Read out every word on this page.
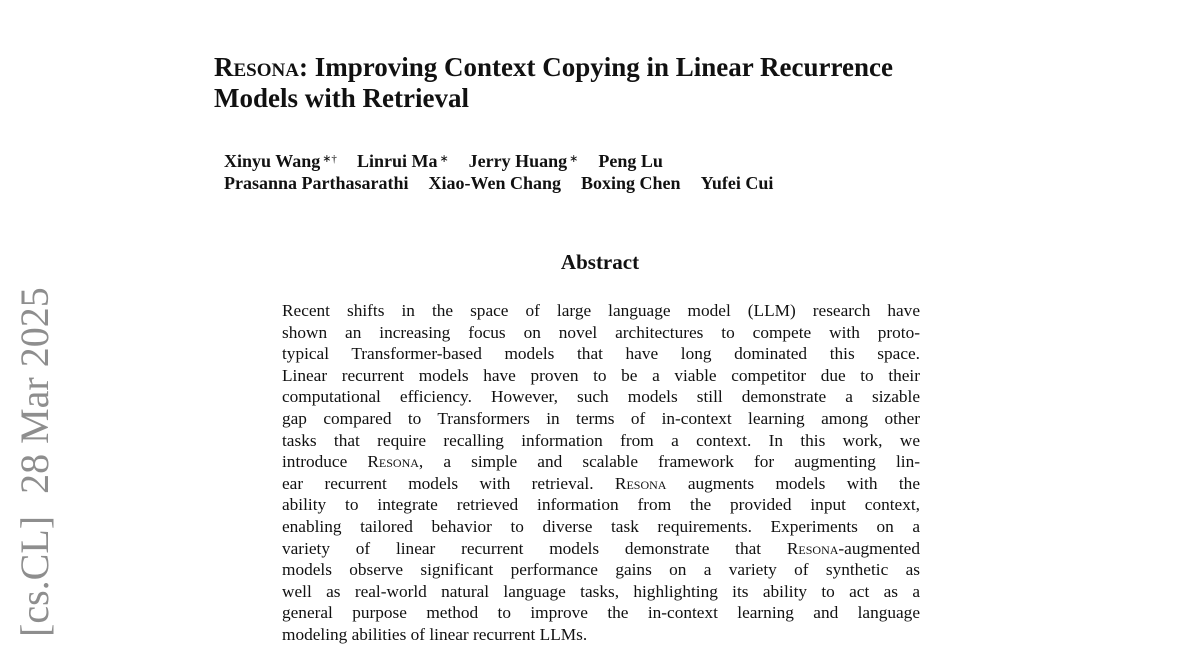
[cs.CL]28 Mar 2025
Resona: Improving Context Copying in Linear Recurrence
Models with Retrieval
Xinyu Wang ∗† Linrui Ma ∗ Jerry Huang ∗ Peng Lu
Prasanna Parthasarathi Xiao-Wen Chang Boxing Chen Yufei Cui
Abstract
Recent shifts in the space of large language model (LLM) research have
shown an increasing focus on novel architectures to compete with proto-
typical Transformer-based models that have long dominated this space.
Linear recurrent models have proven to be a viable competitor due to their
computational efficiency. However, such models still demonstrate a sizable
gap compared to Transformers in terms of in-context learning among other
tasks that require recalling information from a context. In this work, we
introduce Resona, a simple and scalable framework for augmenting lin-
ear recurrent models with retrieval. Resona augments models with the
ability to integrate retrieved information from the provided input context,
enabling tailored behavior to diverse task requirements. Experiments on a
variety of linear recurrent models demonstrate that Resona-augmented
models observe significant performance gains on a variety of synthetic as
well as real-world natural language tasks, highlighting its ability to act as a
general purpose method to improve the in-context learning and language
modeling abilities of linear recurrent LLMs.
